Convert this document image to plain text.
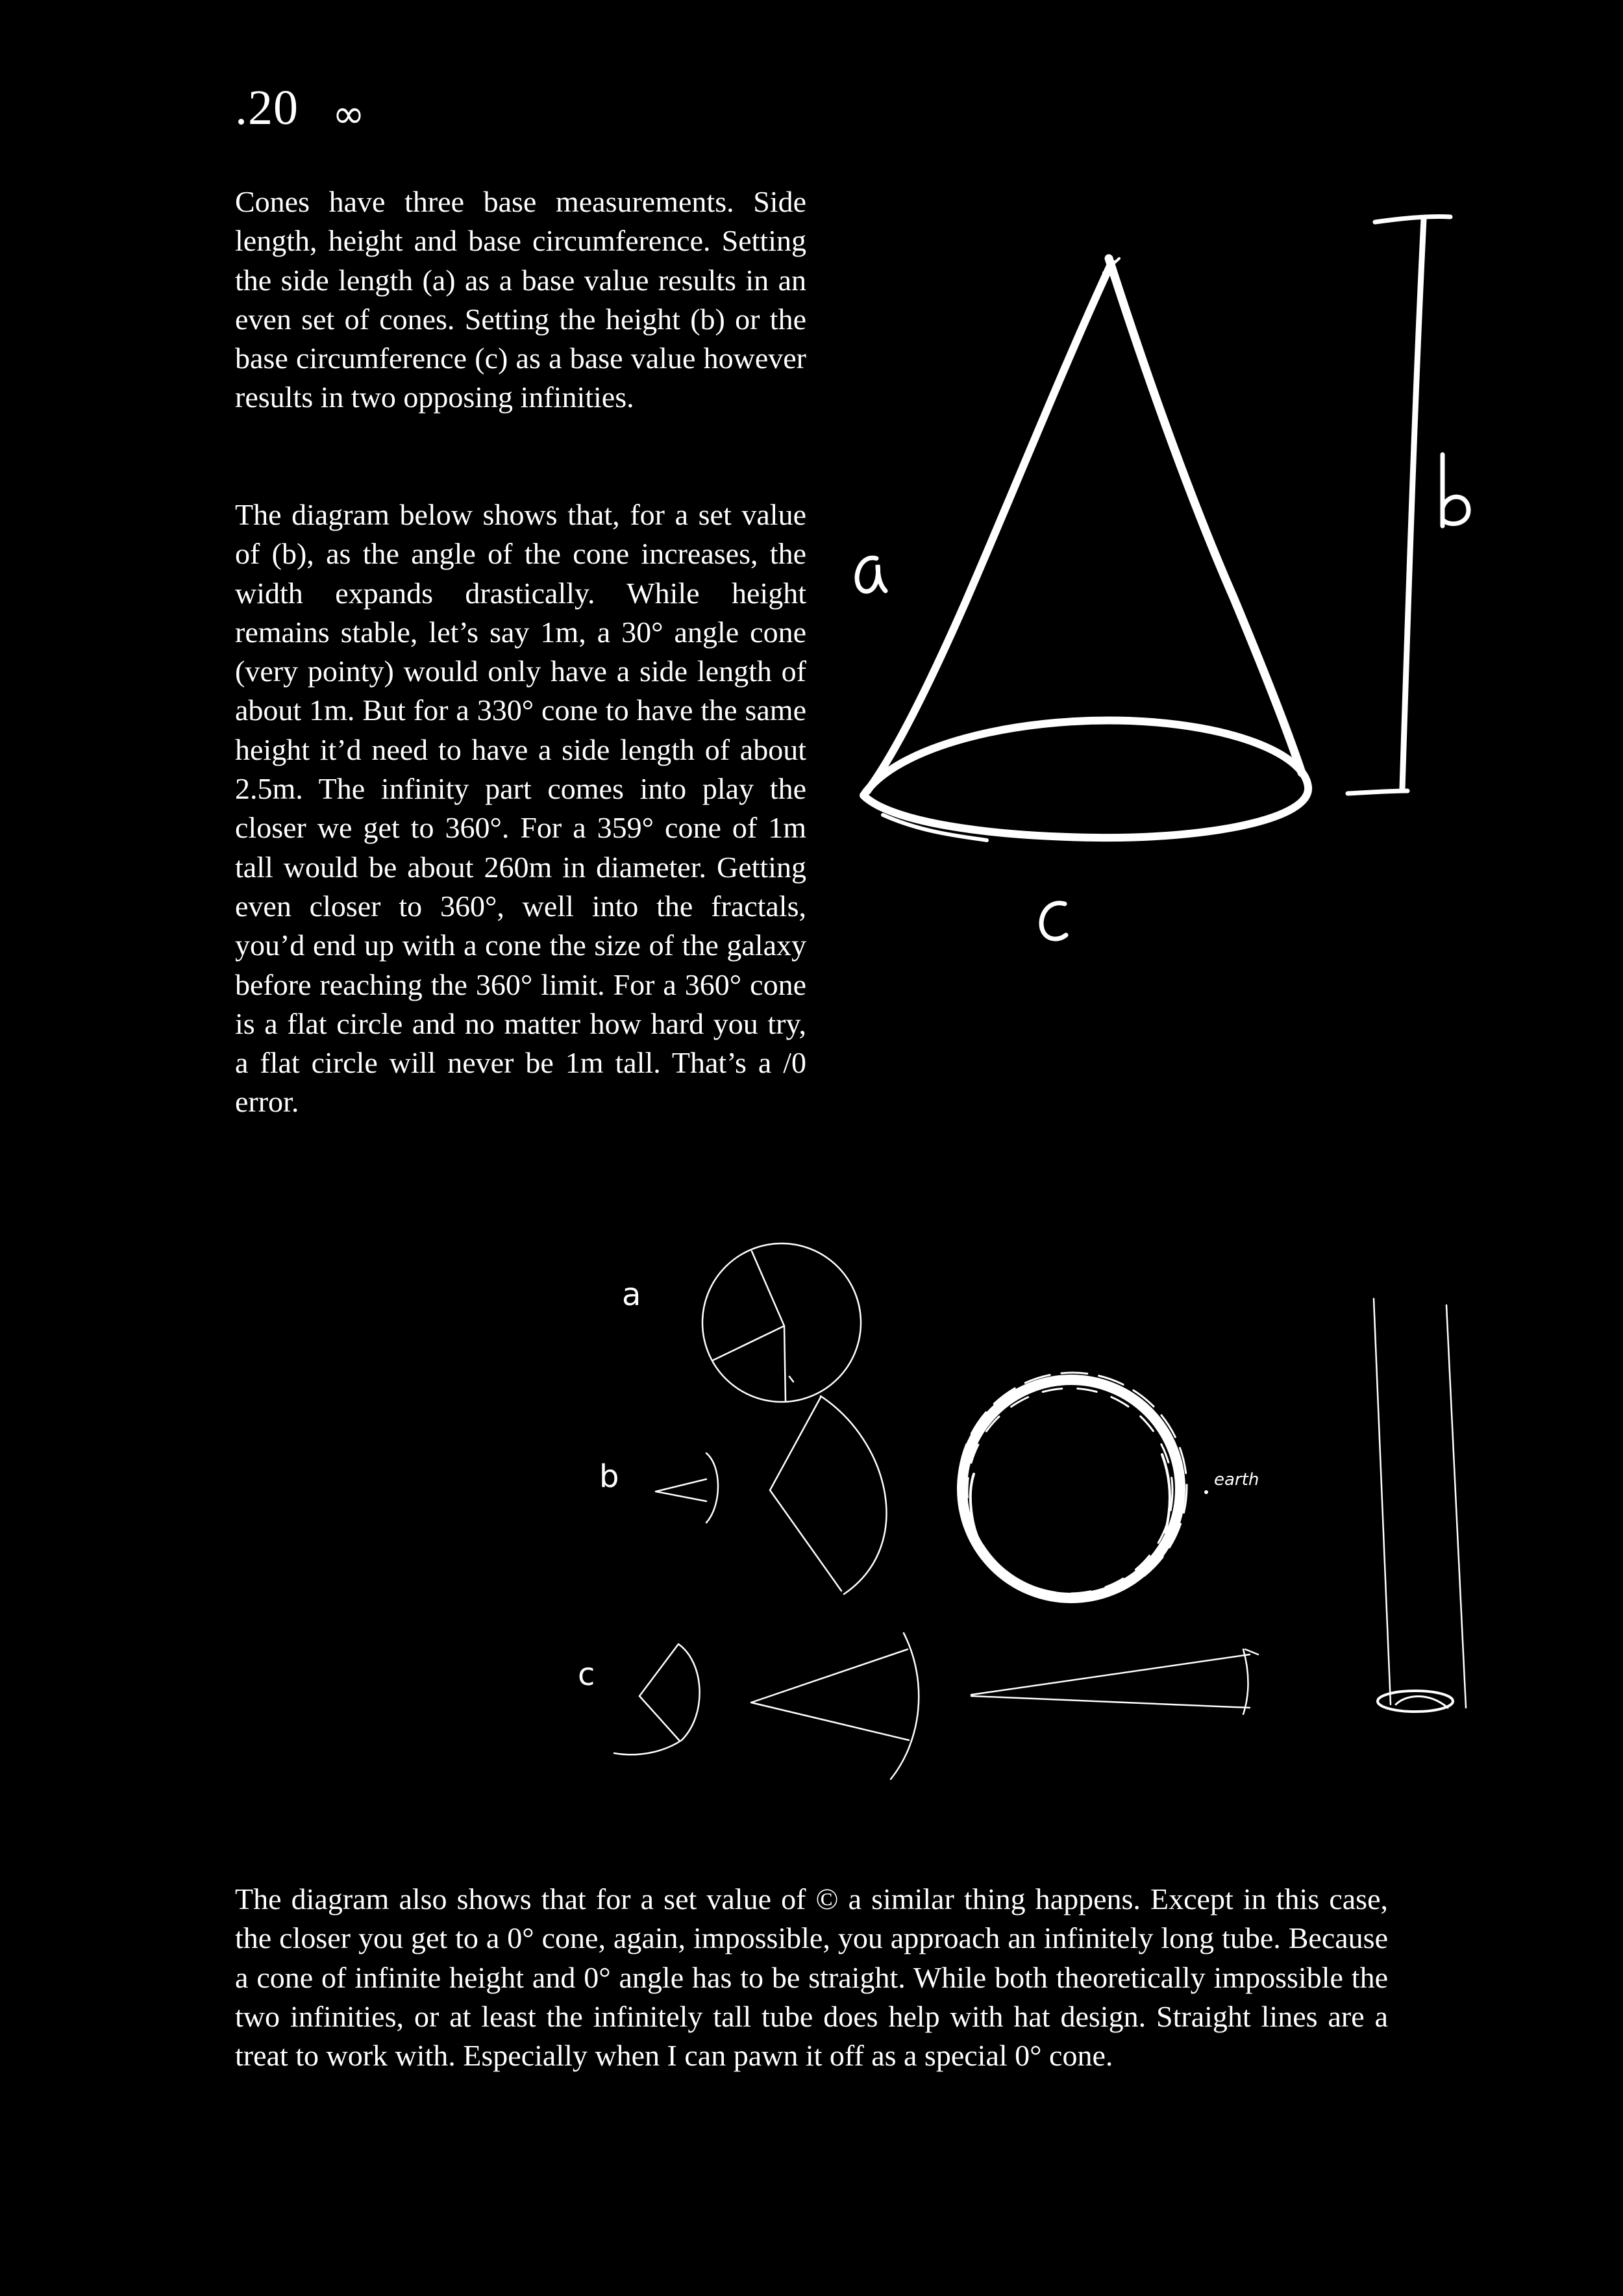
.20 ∞

Cones have three base measurements. Side length, height and base circumference. Setting the side length (a) as a base value results in an even set of cones. Setting the height (b) or the base circumference (c) as a base value however results in two opposing infinities.

The diagram below shows that, for a set value of (b), as the angle of the cone increases, the width expands drastically. While height remains stable, let’s say 1m, a 30° angle cone (very pointy) would only have a side length of about 1m. But for a 330° cone to have the same height it’d need to have a side length of about 2.5m. The infinity part comes into play the closer we get to 360°. For a 359° cone of 1m tall would be about 260m in diameter. Getting even closer to 360°, well into the fractals, you’d end up with a cone the size of the galaxy before reaching the 360° limit. For a 360° cone is a flat circle and no matter how hard you try, a flat circle will never be 1m tall. That’s a /0 error.

The diagram also shows that for a set value of © a similar thing happens. Except in this case, the closer you get to a 0° cone, again, impossible, you approach an infinitely long tube. Because a cone of infinite height and 0° angle has to be straight. While both theoretically impossible the two infinities, or at least the infinitely tall tube does help with hat design. Straight lines are a treat to work with. Especially when I can pawn it off as a special 0° cone.

a
b
c
earth
